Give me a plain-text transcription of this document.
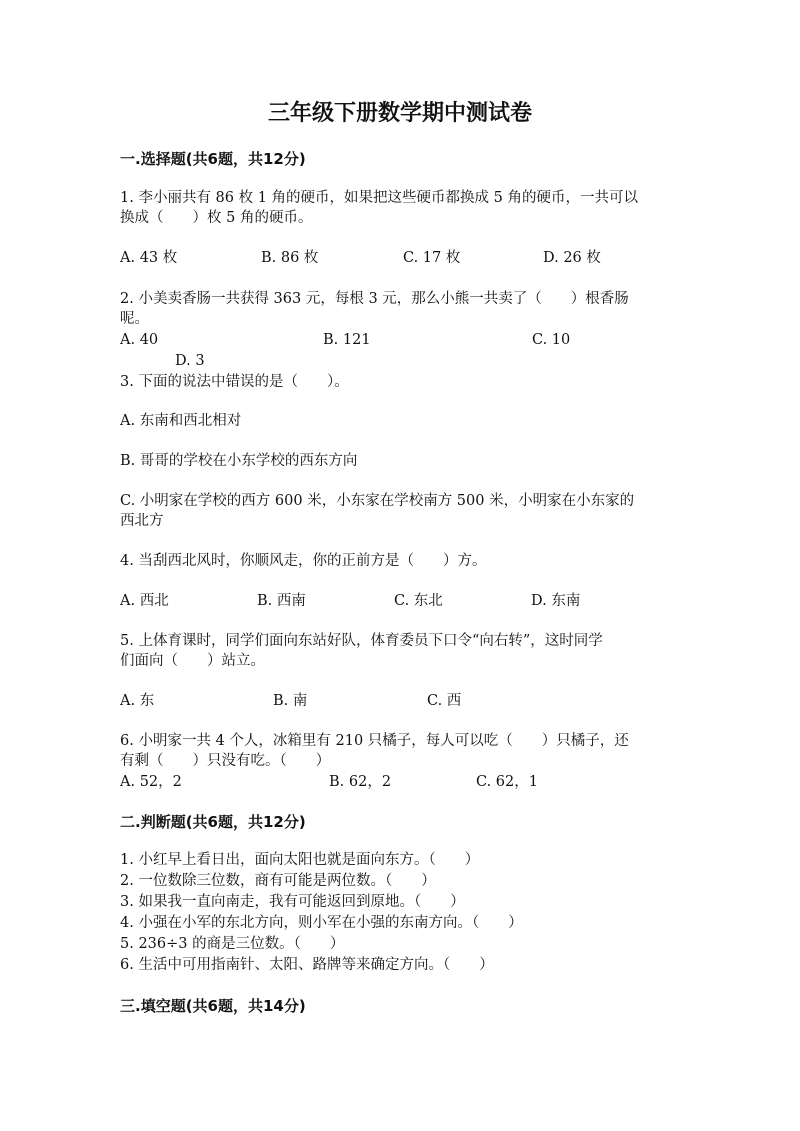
三年级下册数学期中测试卷
一.选择题(共6题，共12分)
1. 李小丽共有 86 枚 1 角的硬币，如果把这些硬币都换成 5 角的硬币，一共可以
换成（　　）枚 5 角的硬币。
A. 43 枚	B. 86 枚	C. 17 枚	D. 26 枚
2. 小美卖香肠一共获得 363 元，每根 3 元，那么小熊一共卖了（　　）根香肠
呢。
A. 40	B. 121	C. 10
D. 3
3. 下面的说法中错误的是（　　）。
A. 东南和西北相对
B. 哥哥的学校在小东学校的西东方向
C. 小明家在学校的西方 600 米，小东家在学校南方 500 米，小明家在小东家的
西北方
4. 当刮西北风时，你顺风走，你的正前方是（　　）方。
A. 西北	B. 西南	C. 东北	D. 东南
5. 上体育课时，同学们面向东站好队，体育委员下口令“向右转”，这时同学
们面向（　　）站立。
A. 东	B. 南	C. 西
6. 小明家一共 4 个人，冰箱里有 210 只橘子，每人可以吃（　　）只橘子，还
有剩（　　）只没有吃。（　　）
A. 52，2	B. 62，2	C. 62，1
二.判断题(共6题，共12分)
1. 小红早上看日出，面向太阳也就是面向东方。（　　）
2. 一位数除三位数，商有可能是两位数。（　　）
3. 如果我一直向南走，我有可能返回到原地。（　　）
4. 小强在小军的东北方向，则小军在小强的东南方向。（　　）
5. 236÷3 的商是三位数。（　　）
6. 生活中可用指南针、太阳、路牌等来确定方向。（　　）
三.填空题(共6题，共14分)
